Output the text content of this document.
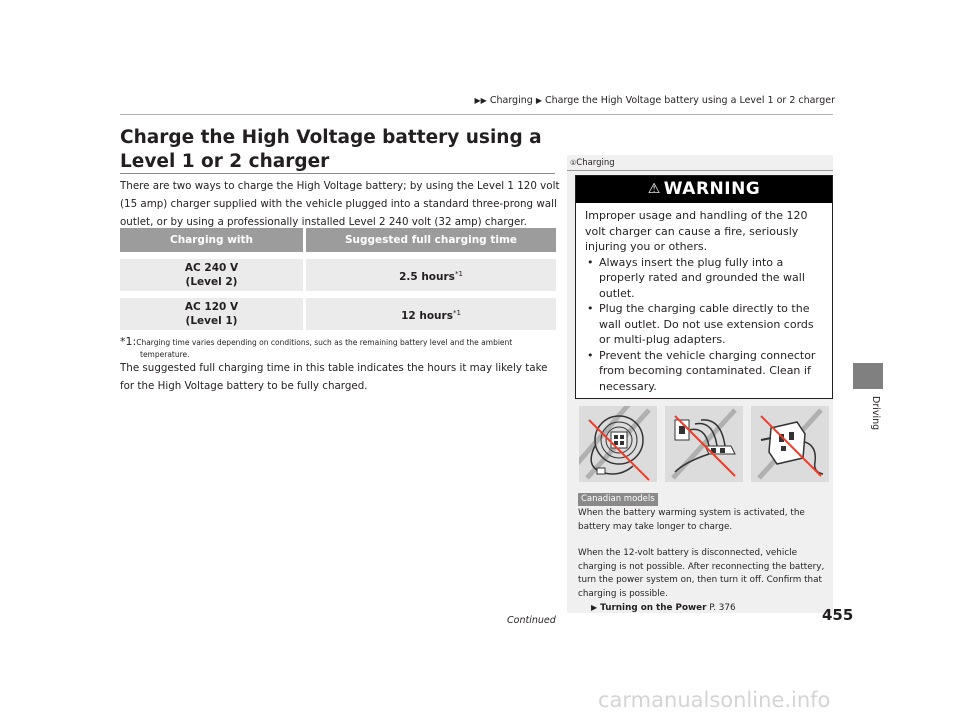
▶▶ Charging ▶ Charge the High Voltage battery using a Level 1 or 2 charger
Charge the High Voltage battery using a Level 1 or 2 charger
There are two ways to charge the High Voltage battery; by using the Level 1 120 volt (15 amp) charger supplied with the vehicle plugged into a standard three-prong wall outlet, or by using a professionally installed Level 2 240 volt (32 amp) charger.
Charging with	Suggested full charging time

AC 240 V
(Level 2)	2.5 hours$^{*1}$

AC 120 V
(Level 1)	12 hours$^{*1}$
*1:Charging time varies depending on conditions, such as the remaining battery level and the ambient
temperature.
The suggested full charging time in this table indicates the hours it may likely take for the High Voltage battery to be fully charged.
①Charging
⚠ WARNING
Improper usage and handling of the 120 volt charger can cause a fire, seriously injuring you or others.
• Always insert the plug fully into a properly rated and grounded the wall outlet.
• Plug the charging cable directly to the wall outlet. Do not use extension cords or multi-plug adapters.
• Prevent the vehicle charging connector from becoming contaminated. Clean if necessary.
Canadian models

When the battery warming system is activated, the battery may take longer to charge.

When the 12-volt battery is disconnected, vehicle charging is not possible. After reconnecting the battery, turn the power system on, then turn it off. Confirm that charging is possible.

▶ Turning on the Power P. 376
Driving
Continued	455
carmanualsonline.info
